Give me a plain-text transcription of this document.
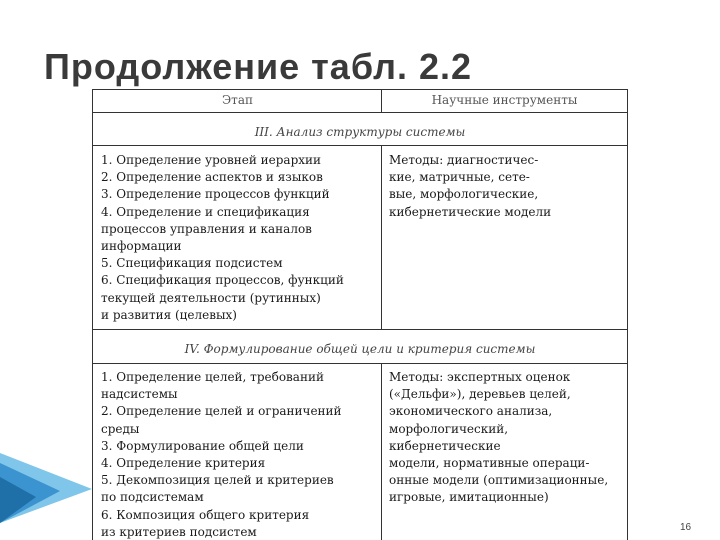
Продолжение табл. 2.2
Этап	Научные инструменты
III. Анализ структуры системы
1. Определение уровней иерархии
2. Определение аспектов и языков
3. Определение процессов функций
4. Определение и спецификация
процессов управления и каналов
информации
5. Спецификация подсистем
6. Спецификация процессов, функций
текущей деятельности (рутинных)
и развития (целевых)
Методы: диагностичес-
кие, матричные, сете-
вые, морфологические,
кибернетические модели
IV. Формулирование общей цели и критерия системы
1. Определение целей, требований
надсистемы
2. Определение целей и ограничений
среды
3. Формулирование общей цели
4. Определение критерия
5. Декомпозиция целей и критериев
по подсистемам
6. Композиция общего критерия
из критериев подсистем
Методы: экспертных оценок
(«Дельфи»), деревьев целей,
экономического анализа,
морфологический,
кибернетические
модели, нормативные операци-
онные модели (оптимизационные,
игровые, имитационные)
16
